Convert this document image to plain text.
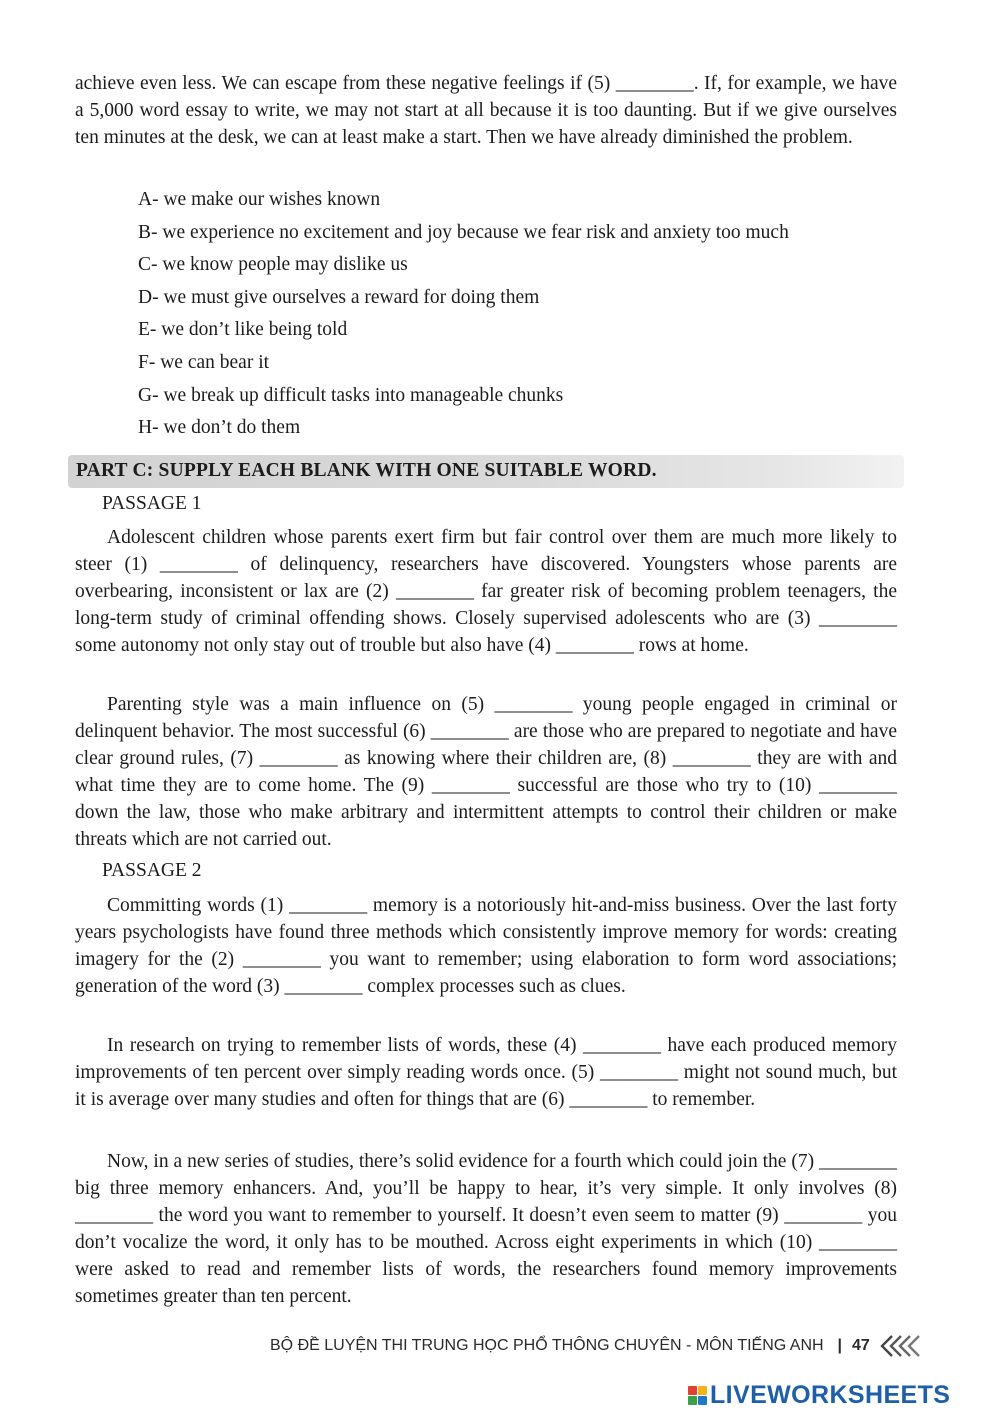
achieve even less. We can escape from these negative feelings if (5) ________. If, for example, we have a 5,000 word essay to write, we may not start at all because it is too daunting. But if we give ourselves ten minutes at the desk, we can at least make a start. Then we have already diminished the problem.

A- we make our wishes known
B- we experience no excitement and joy because we fear risk and anxiety too much
C- we know people may dislike us
D- we must give ourselves a reward for doing them
E- we don’t like being told
F- we can bear it
G- we break up difficult tasks into manageable chunks
H- we don’t do them
PART C: SUPPLY EACH BLANK WITH ONE SUITABLE WORD.
PASSAGE 1

Adolescent children whose parents exert firm but fair control over them are much more likely to steer (1) ________ of delinquency, researchers have discovered. Youngsters whose parents are overbearing, inconsistent or lax are (2) ________ far greater risk of becoming problem teenagers, the long-term study of criminal offending shows. Closely supervised adolescents who are (3) ________ some autonomy not only stay out of trouble but also have (4) ________ rows at home.

Parenting style was a main influence on (5) ________ young people engaged in criminal or delinquent behavior. The most successful (6) ________ are those who are prepared to negotiate and have clear ground rules, (7) ________ as knowing where their children are, (8) ________ they are with and what time they are to come home. The (9) ________ successful are those who try to (10) ________ down the law, those who make arbitrary and intermittent attempts to control their children or make threats which are not carried out.

PASSAGE 2

Committing words (1) ________ memory is a notoriously hit-and-miss business. Over the last forty years psychologists have found three methods which consistently improve memory for words: creating imagery for the (2) ________ you want to remember; using elaboration to form word associations; generation of the word (3) ________ complex processes such as clues.

In research on trying to remember lists of words, these (4) ________ have each produced memory improvements of ten percent over simply reading words once. (5) ________ might not sound much, but it is average over many studies and often for things that are (6) ________ to remember.

Now, in a new series of studies, there’s solid evidence for a fourth which could join the (7) ________ big three memory enhancers. And, you’ll be happy to hear, it’s very simple. It only involves (8) ________ the word you want to remember to yourself. It doesn’t even seem to matter (9) ________ you don’t vocalize the word, it only has to be mouthed. Across eight experiments in which (10) ________ were asked to read and remember lists of words, the researchers found memory improvements sometimes greater than ten percent.

BỘ ĐỀ LUYỆN THI TRUNG HỌC PHỔ THÔNG CHUYÊN - MÔN TIẾNG ANH | 47
LIVEWORKSHEETS
